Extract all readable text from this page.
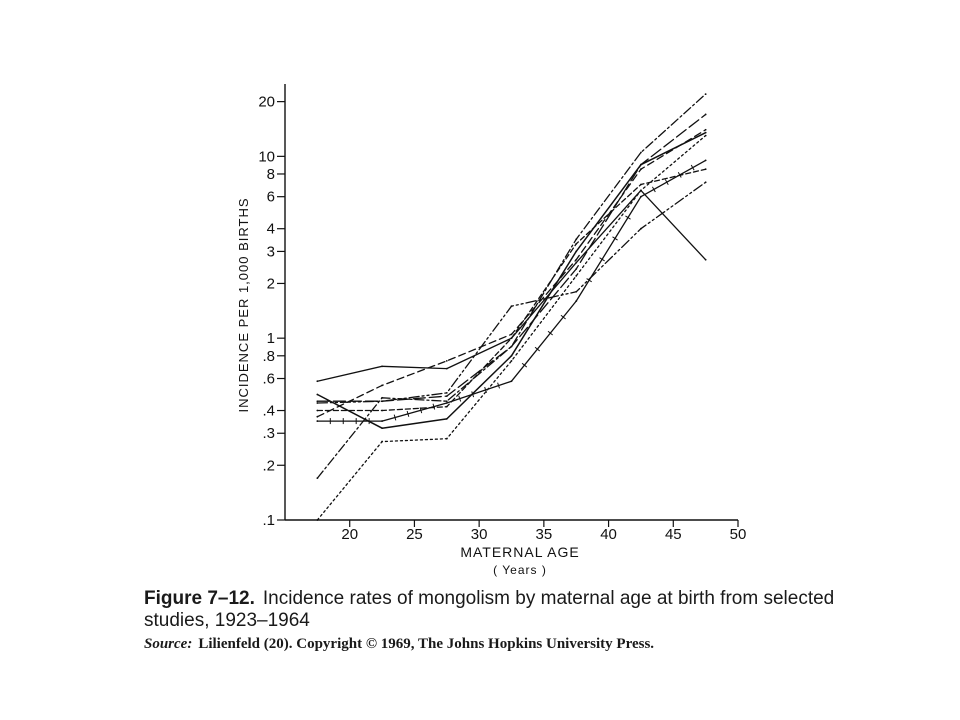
.1
.2
.3
.4
.6
.8
1
2
3
4
6
8
10
20
20	25	30	35	40	45	50
INCIDENCE PER 1,000 BIRTHS
MATERNAL AGE
( Years )
Figure 7–12. Incidence rates of mongolism by maternal age at birth from selected studies, 1923–1964
Source: Lilienfeld (20). Copyright © 1969, The Johns Hopkins University Press.
